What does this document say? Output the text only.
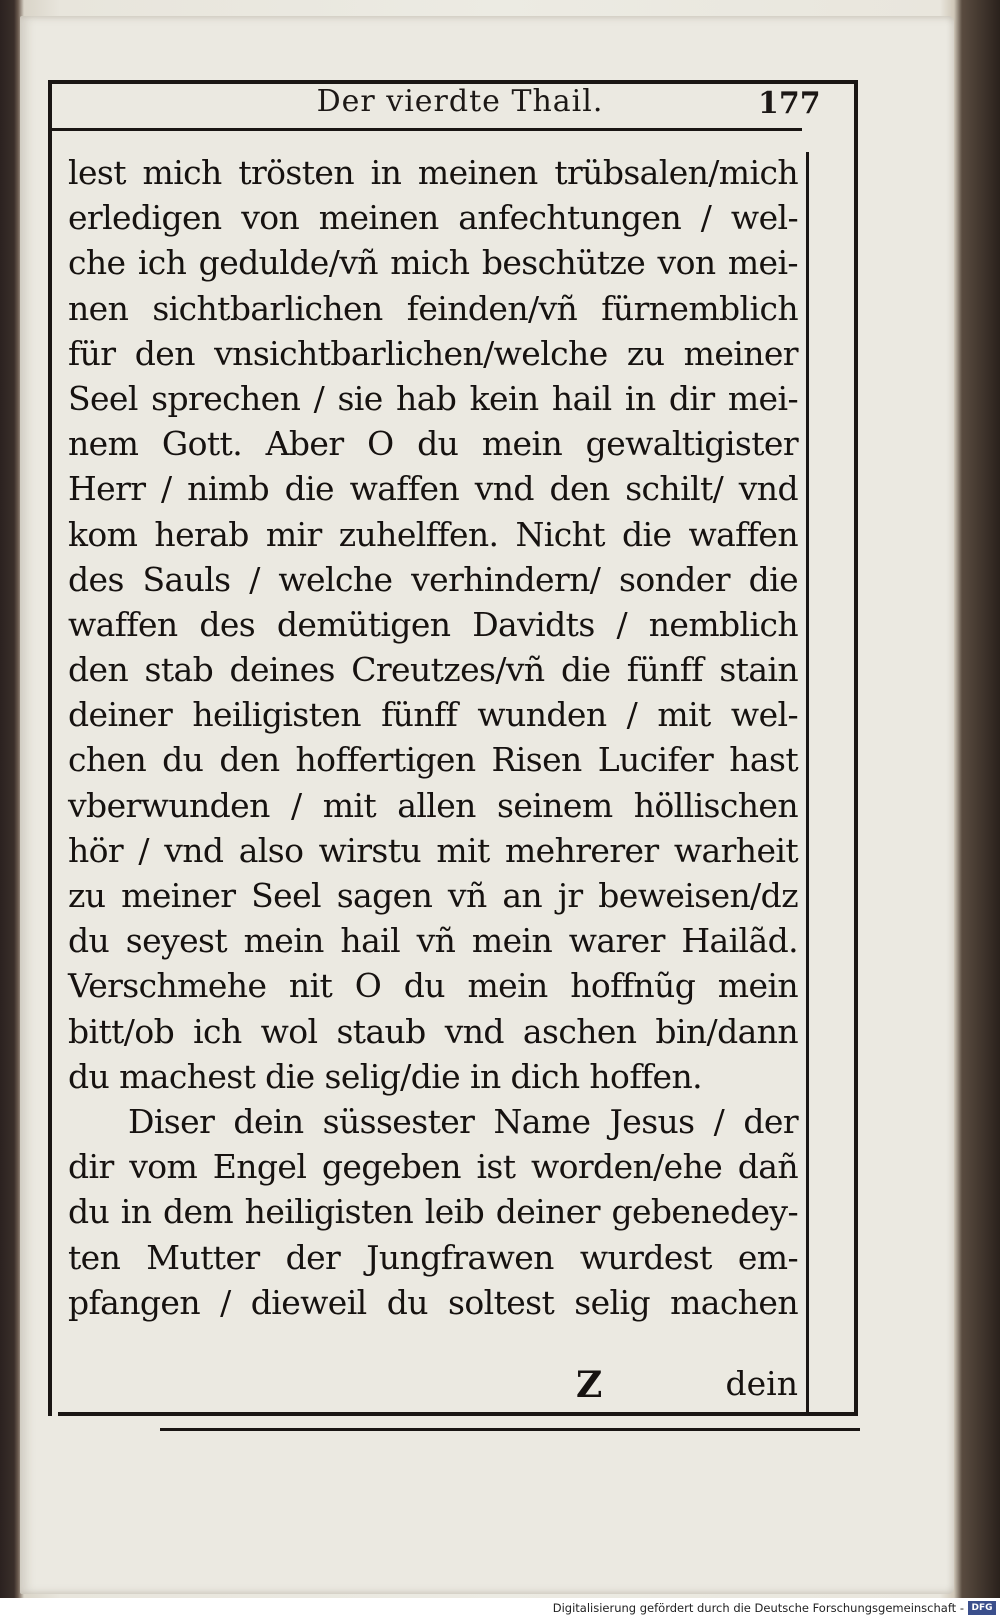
Der vierdte Thail.	177
lest mich trösten in meinen trübsalen/mich
erledigen von meinen anfechtungen / wel-
che ich gedulde/vñ mich beschütze von mei-
nen sichtbarlichen feinden/vñ fürnemblich
für den vnsichtbarlichen/welche zu meiner
Seel sprechen / sie hab kein hail in dir mei-
nem Gott. Aber O du mein gewaltigister
Herr / nimb die waffen vnd den schilt/ vnd
kom herab mir zuhelffen. Nicht die waffen
des Sauls / welche verhindern/ sonder die
waffen des demütigen Davidts / nemblich
den stab deines Creutzes/vñ die fünff stain
deiner heiligisten fünff wunden / mit wel-
chen du den hoffertigen Risen Lucifer hast
vberwunden / mit allen seinem höllischen
hör / vnd also wirstu mit mehrerer warheit
zu meiner Seel sagen vñ an jr beweisen/dz
du seyest mein hail vñ mein warer Hailãd.
Verschmehe nit O du mein hoffnũg mein
bitt/ob ich wol staub vnd aschen bin/dann
du machest die selig/die in dich hoffen.
Diser dein süssester Name Jesus / der
dir vom Engel gegeben ist worden/ehe dañ
du in dem heiligisten leib deiner gebenedey-
ten Mutter der Jungfrawen wurdest em-
pfangen / dieweil du soltest selig machen
Z	dein
Digitalisierung gefördert durch die Deutsche Forschungsgemeinschaft - DFG
